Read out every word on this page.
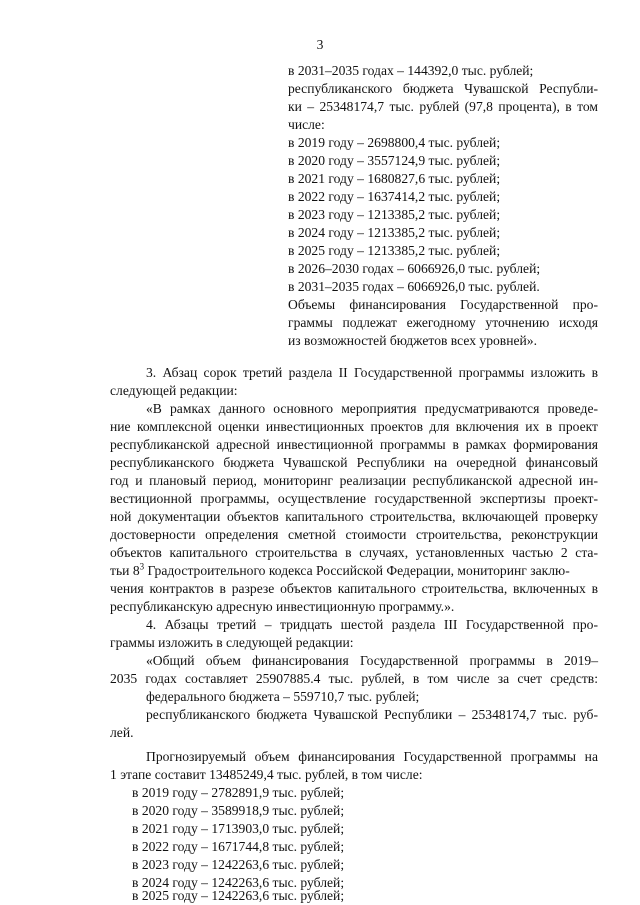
3
в 2031–2035 годах – 144392,0 тыс. рублей;
республиканского бюджета Чувашской Республи-
ки – 25348174,7 тыс. рублей (97,8 процента), в том
числе:
в 2019 году – 2698800,4 тыс. рублей;
в 2020 году – 3557124,9 тыс. рублей;
в 2021 году – 1680827,6 тыс. рублей;
в 2022 году – 1637414,2 тыс. рублей;
в 2023 году – 1213385,2 тыс. рублей;
в 2024 году – 1213385,2 тыс. рублей;
в 2025 году – 1213385,2 тыс. рублей;
в 2026–2030 годах – 6066926,0 тыс. рублей;
в 2031–2035 годах – 6066926,0 тыс. рублей.
Объемы финансирования Государственной про-
граммы подлежат ежегодному уточнению исходя
из возможностей бюджетов всех уровней».
3. Абзац сорок третий раздела II Государственной программы изложить в
следующей редакции:
«В рамках данного основного мероприятия предусматриваются проведе-
ние комплексной оценки инвестиционных проектов для включения их в проект
республиканской адресной инвестиционной программы в рамках формирования
республиканского бюджета Чувашской Республики на очередной финансовый
год и плановый период, мониторинг реализации республиканской адресной ин-
вестиционной программы, осуществление государственной экспертизы проект-
ной документации объектов капитального строительства, включающей проверку
достоверности определения сметной стоимости строительства, реконструкции
объектов капитального строительства в случаях, установленных частью 2 ста-
тьи $8^3$ Градостроительного кодекса Российской Федерации, мониторинг заклю-
чения контрактов в разрезе объектов капитального строительства, включенных в
республиканскую адресную инвестиционную программу.».
4. Абзацы третий – тридцать шестой раздела III Государственной про-
граммы изложить в следующей редакции:
«Общий объем финансирования Государственной программы в 2019–
2035 годах составляет 25907885.4 тыс. рублей, в том числе за счет средств:
федерального бюджета – 559710,7 тыс. рублей;
республиканского бюджета Чувашской Республики – 25348174,7 тыс. руб-
лей.
Прогнозируемый объем финансирования Государственной программы на
1 этапе составит 13485249,4 тыс. рублей, в том числе:
в 2019 году – 2782891,9 тыс. рублей;
в 2020 году – 3589918,9 тыс. рублей;
в 2021 году – 1713903,0 тыс. рублей;
в 2022 году – 1671744,8 тыс. рублей;
в 2023 году – 1242263,6 тыс. рублей;
в 2024 году – 1242263,6 тыс. рублей;
в 2025 году – 1242263,6 тыс. рублей;
